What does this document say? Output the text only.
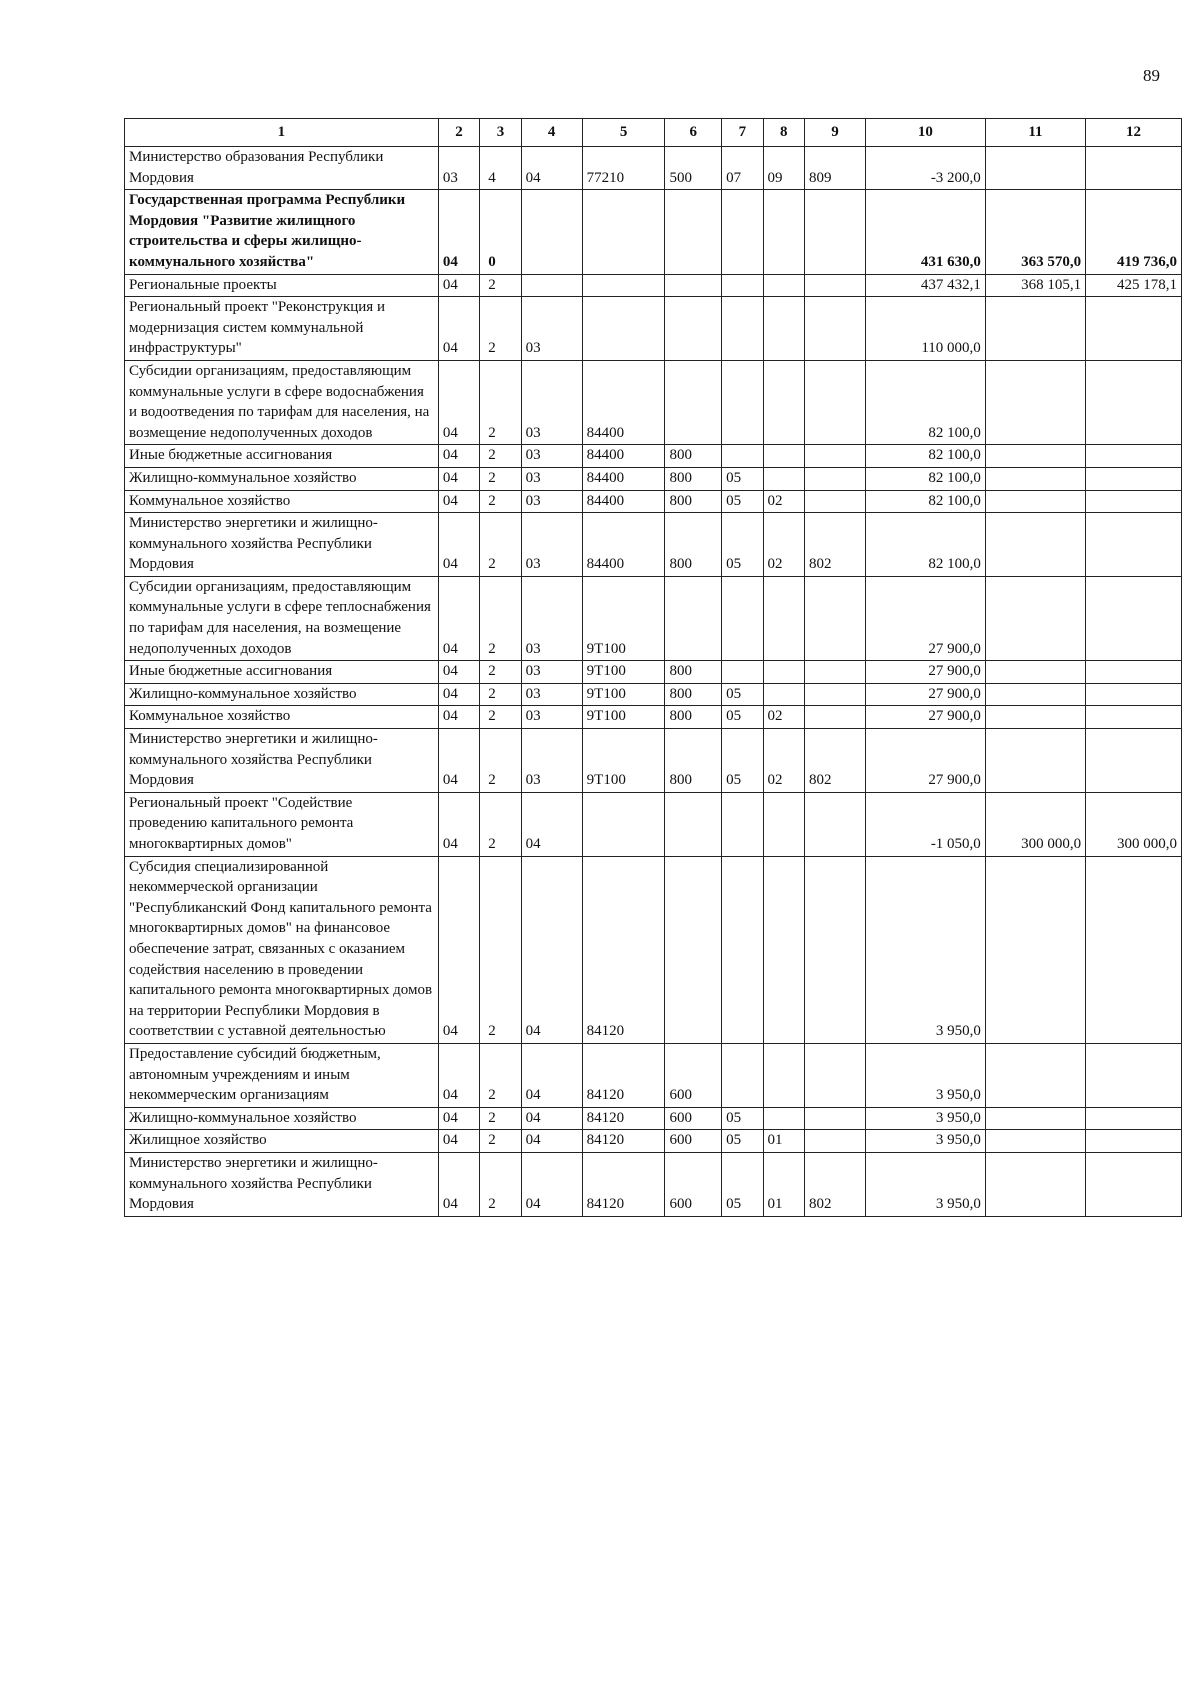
89
1	2	3	4	5	6	7	8	9	10	11	12
Министерство образования Республики Мордовия	03	4	04	77210	500	07	09	809	-3 200,0		
Государственная программа Республики Мордовия "Развитие жилищного строительства и сферы жилищно-коммунального хозяйства"	04	0							431 630,0	363 570,0	419 736,0
Региональные проекты	04	2							437 432,1	368 105,1	425 178,1
Региональный проект "Реконструкция и модернизация систем коммунальной инфраструктуры"	04	2	03						110 000,0		
Субсидии организациям, предоставляющим коммунальные услуги в сфере водоснабжения и водоотведения по тарифам для населения, на возмещение недополученных доходов	04	2	03	84400					82 100,0		
Иные бюджетные ассигнования	04	2	03	84400	800				82 100,0		
Жилищно-коммунальное хозяйство	04	2	03	84400	800	05			82 100,0		
Коммунальное хозяйство	04	2	03	84400	800	05	02		82 100,0		
Министерство энергетики и жилищно-коммунального хозяйства Республики Мордовия	04	2	03	84400	800	05	02	802	82 100,0		
Субсидии организациям, предоставляющим коммунальные услуги в сфере теплоснабжения по тарифам для населения, на возмещение недополученных доходов	04	2	03	9Т100					27 900,0		
Иные бюджетные ассигнования	04	2	03	9Т100	800				27 900,0		
Жилищно-коммунальное хозяйство	04	2	03	9Т100	800	05			27 900,0		
Коммунальное хозяйство	04	2	03	9Т100	800	05	02		27 900,0		
Министерство энергетики и жилищно-коммунального хозяйства Республики Мордовия	04	2	03	9Т100	800	05	02	802	27 900,0		
Региональный проект "Содействие проведению капитального ремонта многоквартирных домов"	04	2	04						-1 050,0	300 000,0	300 000,0
Субсидия специализированной некоммерческой организации "Республиканский Фонд капитального ремонта многоквартирных домов" на финансовое обеспечение затрат, связанных с оказанием содействия населению в проведении капитального ремонта многоквартирных домов на территории Республики Мордовия в соответствии с уставной деятельностью	04	2	04	84120					3 950,0		
Предоставление субсидий бюджетным, автономным учреждениям и иным некоммерческим организациям	04	2	04	84120	600				3 950,0		
Жилищно-коммунальное хозяйство	04	2	04	84120	600	05			3 950,0		
Жилищное хозяйство	04	2	04	84120	600	05	01		3 950,0		
Министерство энергетики и жилищно-коммунального хозяйства Республики Мордовия	04	2	04	84120	600	05	01	802	3 950,0		
